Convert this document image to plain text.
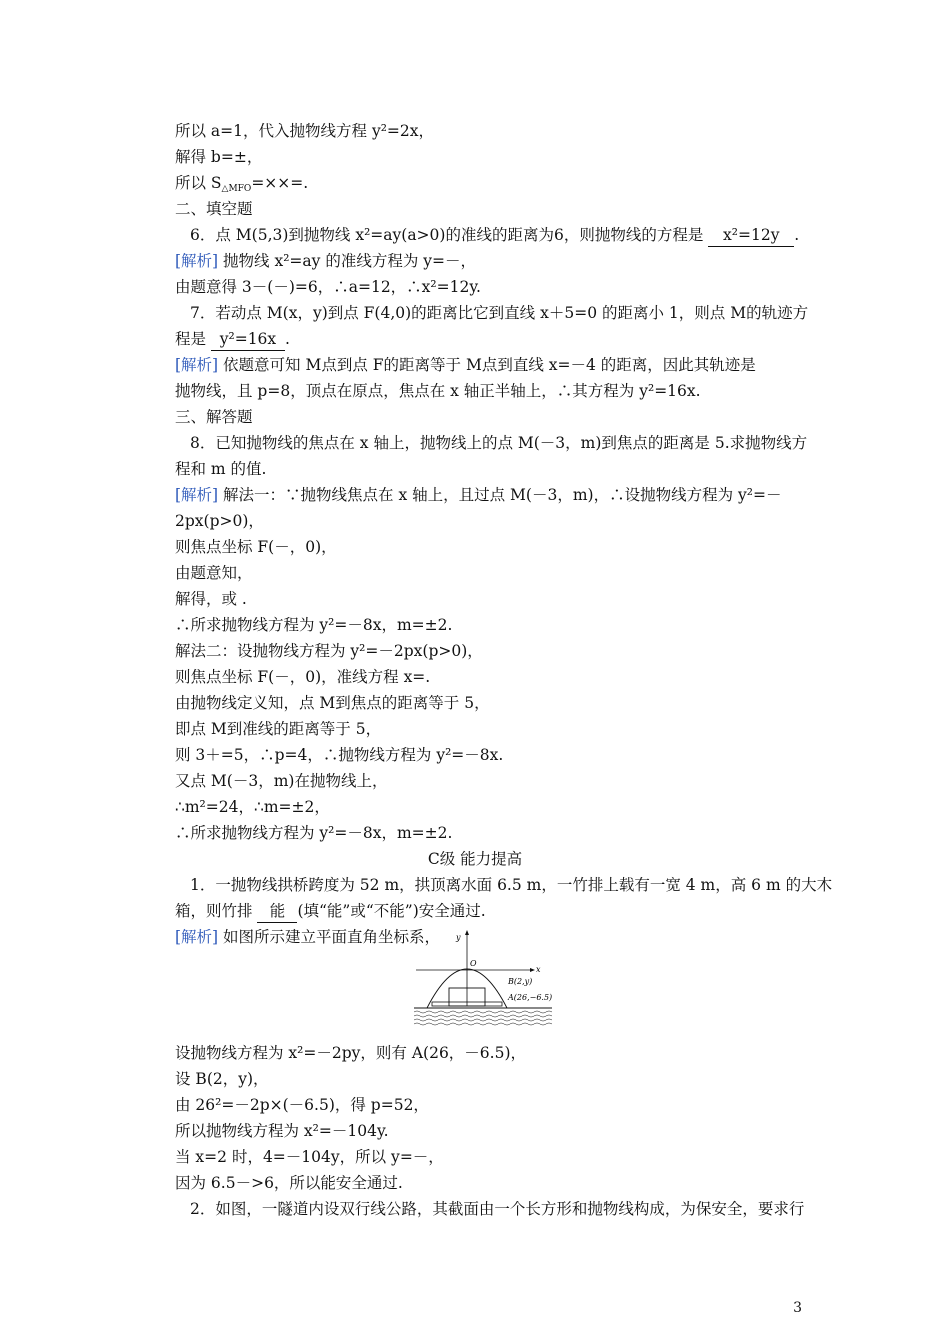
所以 a=1，代入抛物线方程 y²=2x，
解得 b=±，
所以 $S_{\triangle MFO}=\times\times=$.
二、填空题
6．点 M(5,3)到抛物线 x²=ay(a>0)的准线的距离为6，则抛物线的方程是 x²=12y .
[解析] 抛物线 x²=ay 的准线方程为 y=－，
由题意得 3－(－)=6，∴a=12，∴x²=12y.
7．若动点 M(x，y)到点 F(4,0)的距离比它到直线 x＋5=0 的距离小 1，则点 M的轨迹方
程是 y²=16x .
[解析] 依题意可知 M点到点 F的距离等于 M点到直线 x=－4 的距离，因此其轨迹是
抛物线，且 p=8，顶点在原点，焦点在 x 轴正半轴上，∴其方程为 y²=16x.
三、解答题
8．已知抛物线的焦点在 x 轴上，抛物线上的点 M(－3，m)到焦点的距离是 5.求抛物线方
程和 m 的值.
[解析] 解法一：∵抛物线焦点在 x 轴上，且过点 M(－3，m)，∴设抛物线方程为 y²=－
2px(p>0)，
则焦点坐标 F(－，0)，
由题意知，
解得，或 .
∴所求抛物线方程为 y²=－8x，m=±2.
解法二：设抛物线方程为 y²=－2px(p>0)，
则焦点坐标 F(－，0)，准线方程 x=.
由抛物线定义知，点 M到焦点的距离等于 5，
即点 M到准线的距离等于 5，
则 3＋=5，∴p=4，∴抛物线方程为 y²=－8x.
又点 M(－3，m)在抛物线上，
∴m²=24，∴m=±2，
∴所求抛物线方程为 y²=－8x，m=±2.
C级 能力提高
1．一抛物线拱桥跨度为 52 m，拱顶离水面 6.5 m，一竹排上载有一宽 4 m，高 6 m 的大木
箱，则竹排 能 (填“能”或“不能”)安全通过.
[解析] 如图所示建立平面直角坐标系， y
x
O
B(2,y)
A(26,−6.5)
设抛物线方程为 x²=－2py，则有 A(26，－6.5)，
设 B(2，y)，
由 26²=－2p×(－6.5)，得 p=52，
所以抛物线方程为 x²=－104y.
当 x=2 时，4=－104y，所以 y=－，
因为 6.5－>6，所以能安全通过.
2．如图，一隧道内设双行线公路，其截面由一个长方形和抛物线构成，为保安全，要求行
3
